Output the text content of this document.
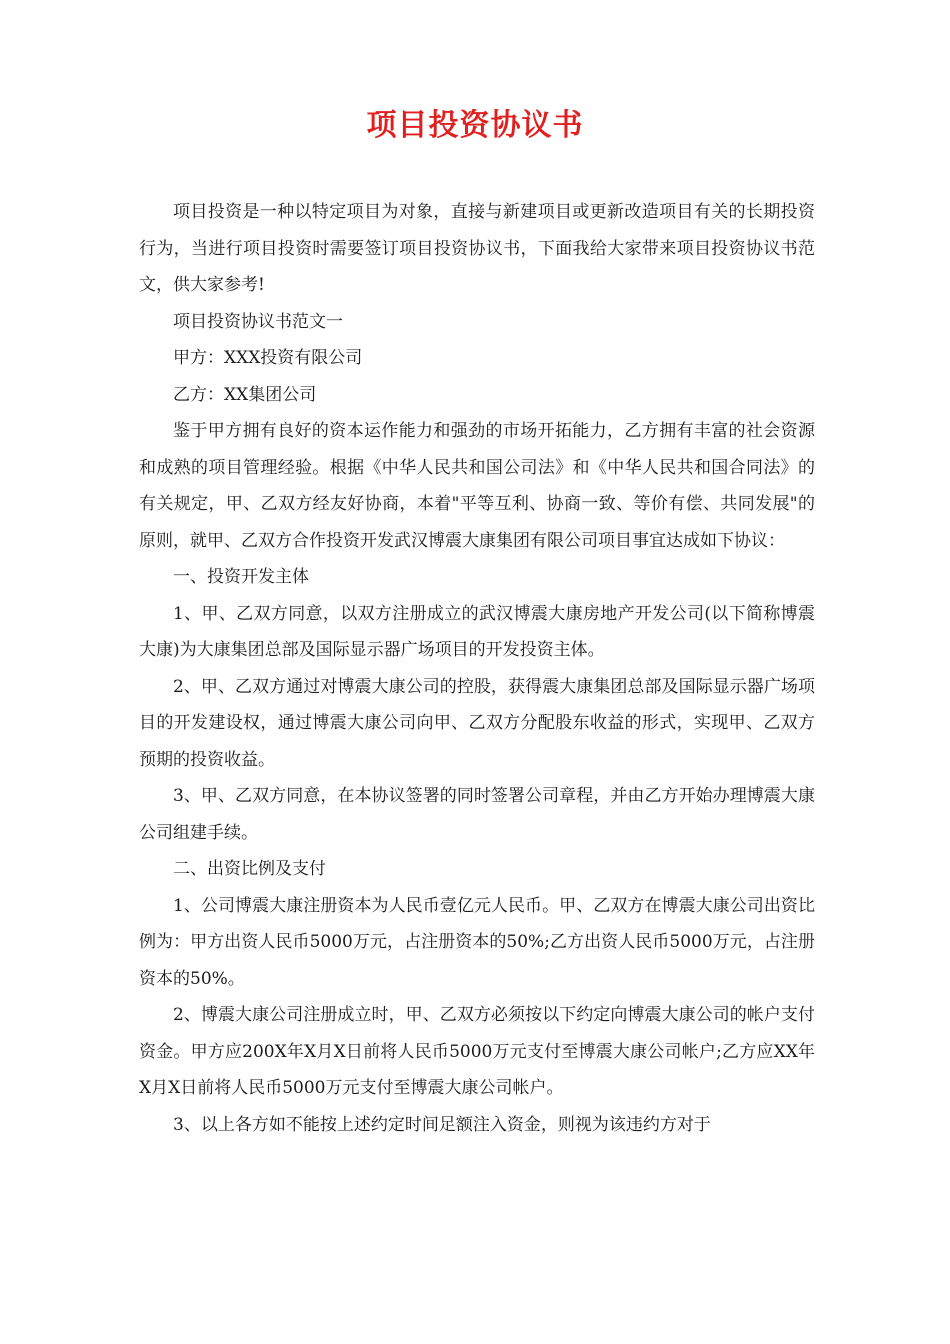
项目投资协议书

项目投资是一种以特定项目为对象，直接与新建项目或更新改造项目有关的长期投资行为，当进行项目投资时需要签订项目投资协议书，下面我给大家带来项目投资协议书范文，供大家参考!

项目投资协议书范文一

甲方：XXX投资有限公司

乙方：XX集团公司

鉴于甲方拥有良好的资本运作能力和强劲的市场开拓能力，乙方拥有丰富的社会资源和成熟的项目管理经验。根据《中华人民共和国公司法》和《中华人民共和国合同法》的有关规定，甲、乙双方经友好协商，本着"平等互利、协商一致、等价有偿、共同发展"的原则，就甲、乙双方合作投资开发武汉博震大康集团有限公司项目事宜达成如下协议：

一、投资开发主体

1、甲、乙双方同意，以双方注册成立的武汉博震大康房地产开发公司(以下简称博震大康)为大康集团总部及国际显示器广场项目的开发投资主体。

2、甲、乙双方通过对博震大康公司的控股，获得震大康集团总部及国际显示器广场项目的开发建设权，通过博震大康公司向甲、乙双方分配股东收益的形式，实现甲、乙双方预期的投资收益。

3、甲、乙双方同意，在本协议签署的同时签署公司章程，并由乙方开始办理博震大康公司组建手续。

二、出资比例及支付

1、公司博震大康注册资本为人民币壹亿元人民币。甲、乙双方在博震大康公司出资比例为：甲方出资人民币5000万元，占注册资本的50%;乙方出资人民币5000万元，占注册资本的50%。

2、博震大康公司注册成立时，甲、乙双方必须按以下约定向博震大康公司的帐户支付资金。甲方应200X年X月X日前将人民币5000万元支付至博震大康公司帐户;乙方应XX年X月X日前将人民币5000万元支付至博震大康公司帐户。

3、以上各方如不能按上述约定时间足额注入资金，则视为该违约方对于
